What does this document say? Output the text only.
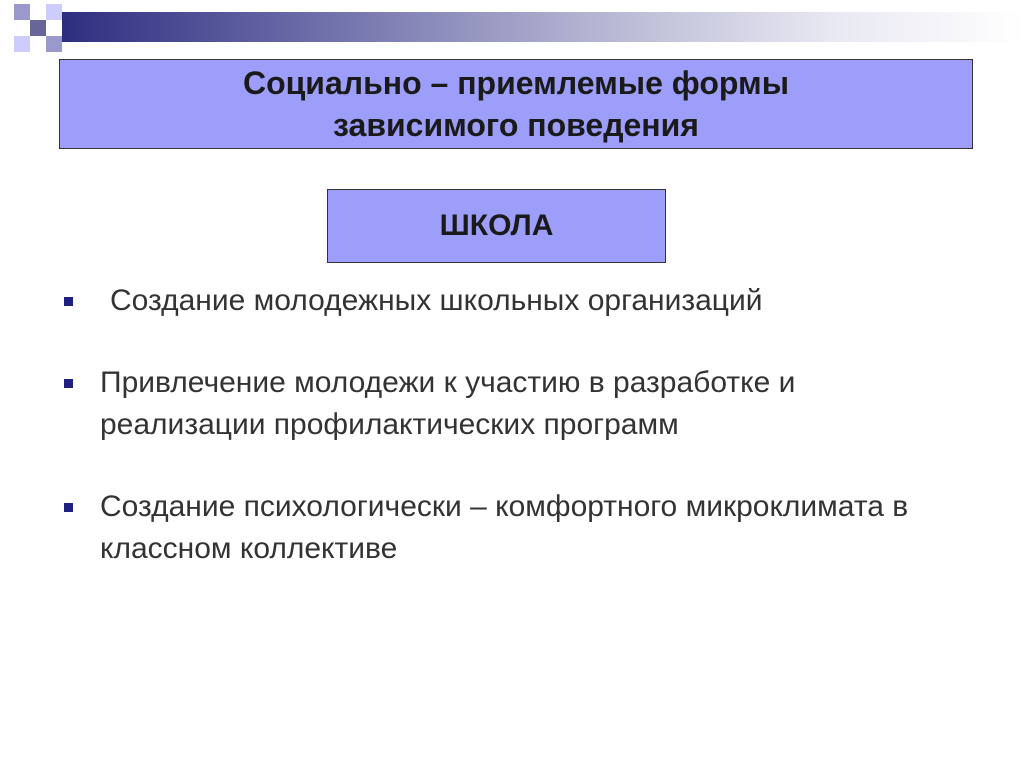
Социально – приемлемые формы
зависимого поведения
ШКОЛА
Создание молодежных школьных организаций
Привлечение молодежи к участию в разработке и реализации профилактических программ
Создание психологически – комфортного микроклимата в классном коллективе
